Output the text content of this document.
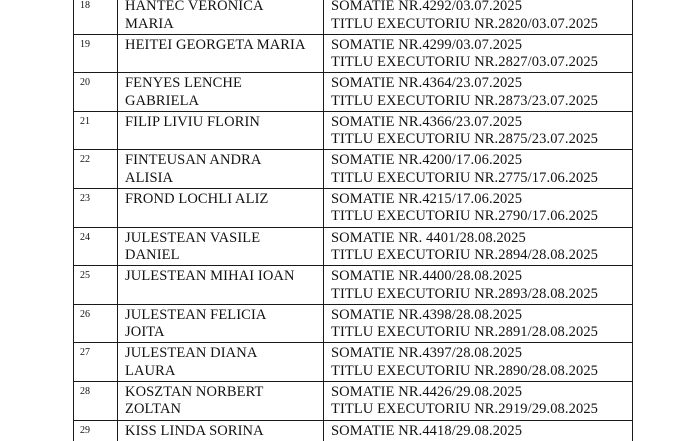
18	HANTEC VERONICA
MARIA	SOMATIE NR.4292/03.07.2025
TITLU EXECUTORIU NR.2820/03.07.2025

19	HEITEI GEORGETA MARIA	SOMATIE NR.4299/03.07.2025
TITLU EXECUTORIU NR.2827/03.07.2025

20	FENYES LENCHE
GABRIELA	SOMATIE NR.4364/23.07.2025
TITLU EXECUTORIU NR.2873/23.07.2025

21	FILIP LIVIU FLORIN	SOMATIE NR.4366/23.07.2025
TITLU EXECUTORIU NR.2875/23.07.2025

22	FINTEUSAN ANDRA
ALISIA	SOMATIE NR.4200/17.06.2025
TITLU EXECUTORIU NR.2775/17.06.2025

23	FROND LOCHLI ALIZ	SOMATIE NR.4215/17.06.2025
TITLU EXECUTORIU NR.2790/17.06.2025

24	JULESTEAN VASILE
DANIEL	SOMATIE NR. 4401/28.08.2025
TITLU EXECUTORIU NR.2894/28.08.2025

25	JULESTEAN MIHAI IOAN	SOMATIE NR.4400/28.08.2025
TITLU EXECUTORIU NR.2893/28.08.2025

26	JULESTEAN FELICIA
JOITA	SOMATIE NR.4398/28.08.2025
TITLU EXECUTORIU NR.2891/28.08.2025

27	JULESTEAN DIANA
LAURA	SOMATIE NR.4397/28.08.2025
TITLU EXECUTORIU NR.2890/28.08.2025

28	KOSZTAN NORBERT
ZOLTAN	SOMATIE NR.4426/29.08.2025
TITLU EXECUTORIU NR.2919/29.08.2025

29	KISS LINDA SORINA	SOMATIE NR.4418/29.08.2025
